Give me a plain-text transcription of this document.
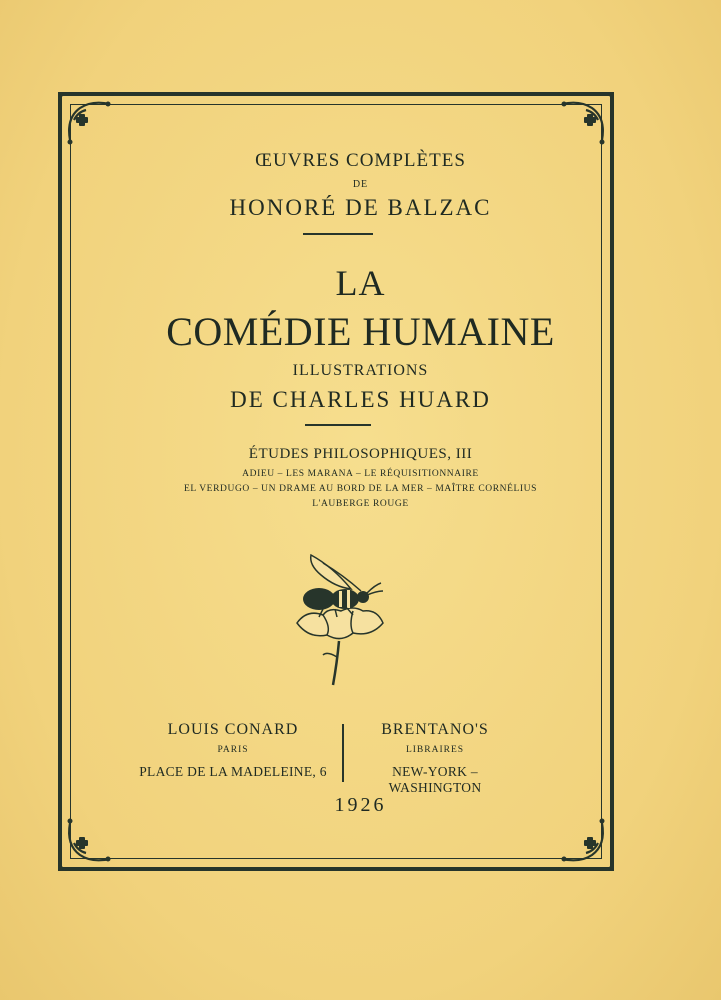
ŒUVRES COMPLÈTES
DE
HONORÉ DE BALZAC
LA
COMÉDIE HUMAINE
ILLUSTRATIONS
DE CHARLES HUARD
ÉTUDES PHILOSOPHIQUES, III
ADIEU – LES MARANA – LE RÉQUISITIONNAIRE
EL VERDUGO – UN DRAME AU BORD DE LA MER – MAÎTRE CORNÉLIUS
L'AUBERGE ROUGE
LOUIS CONARD
PARIS
PLACE DE LA MADELEINE, 6
BRENTANO'S
LIBRAIRES
NEW-YORK – WASHINGTON
1926
